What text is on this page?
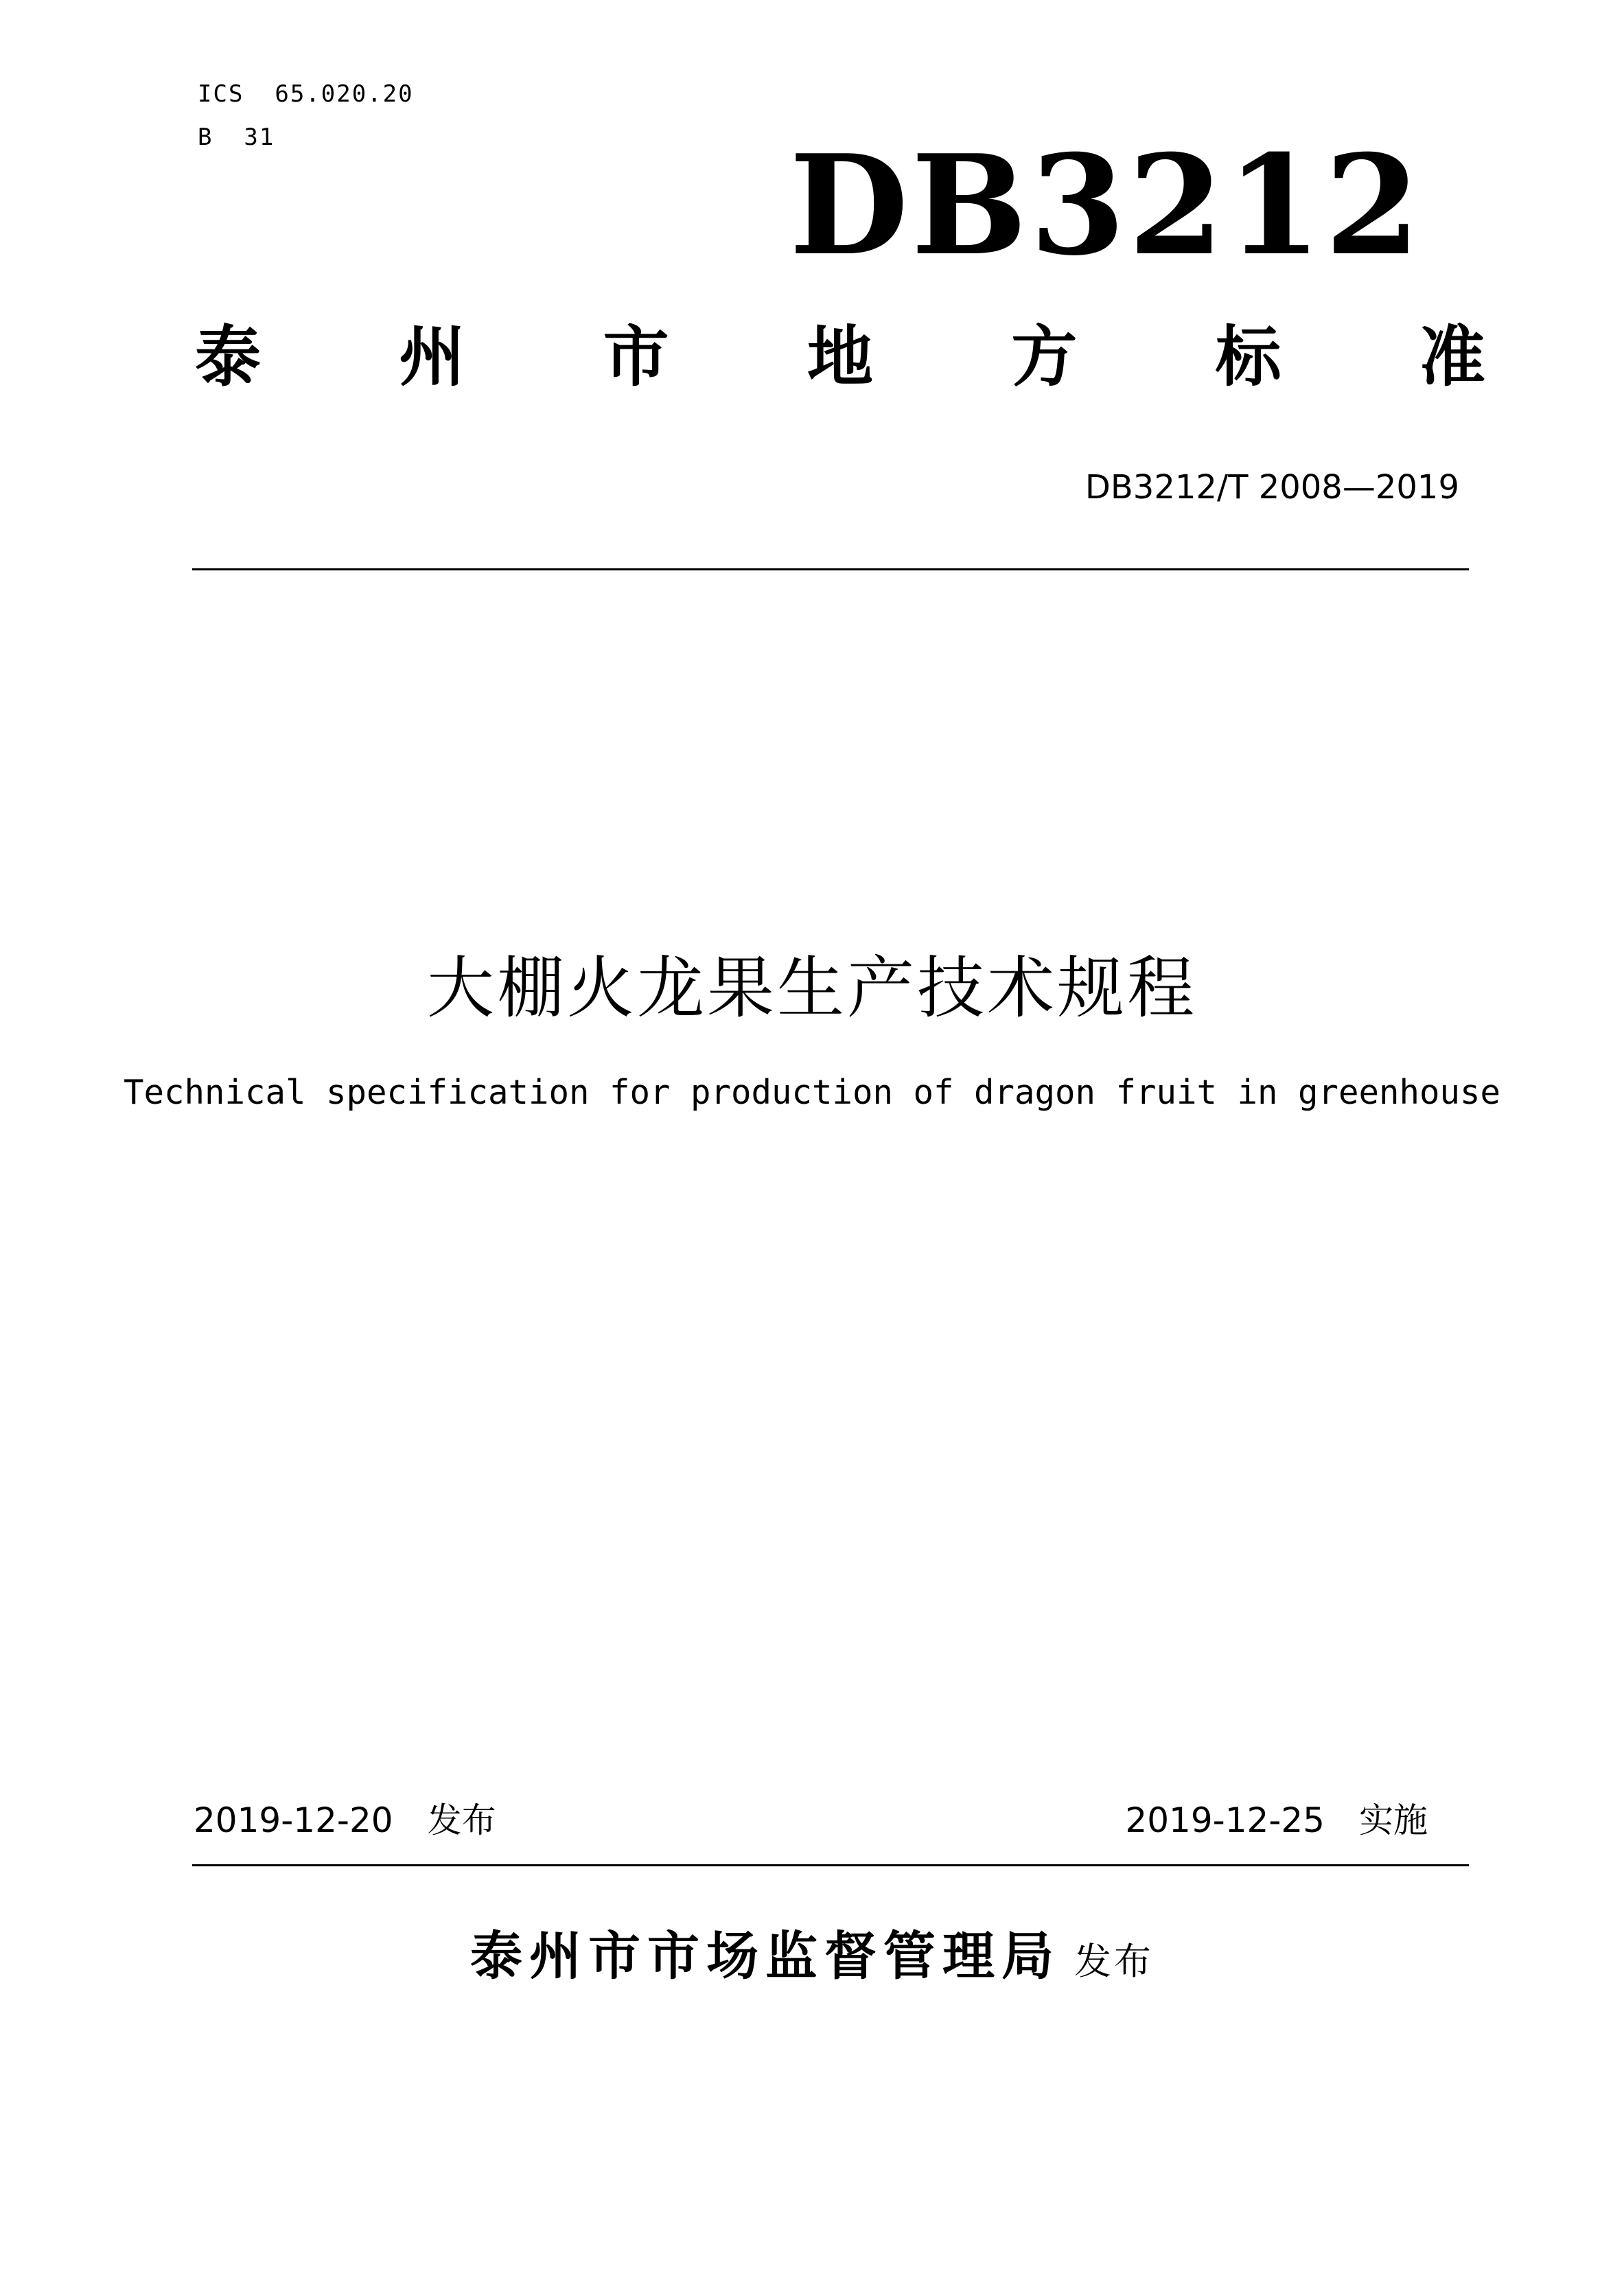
ICS  65.020.20
B  31	DB3212
泰 州 市 地 方 标 准
DB3212/T 2008—2019
大棚火龙果生产技术规程
Technical specification for production of dragon fruit in greenhouse
2019-12-20 发布	2019-12-25 实施
泰州市市场监督管理局 发布
